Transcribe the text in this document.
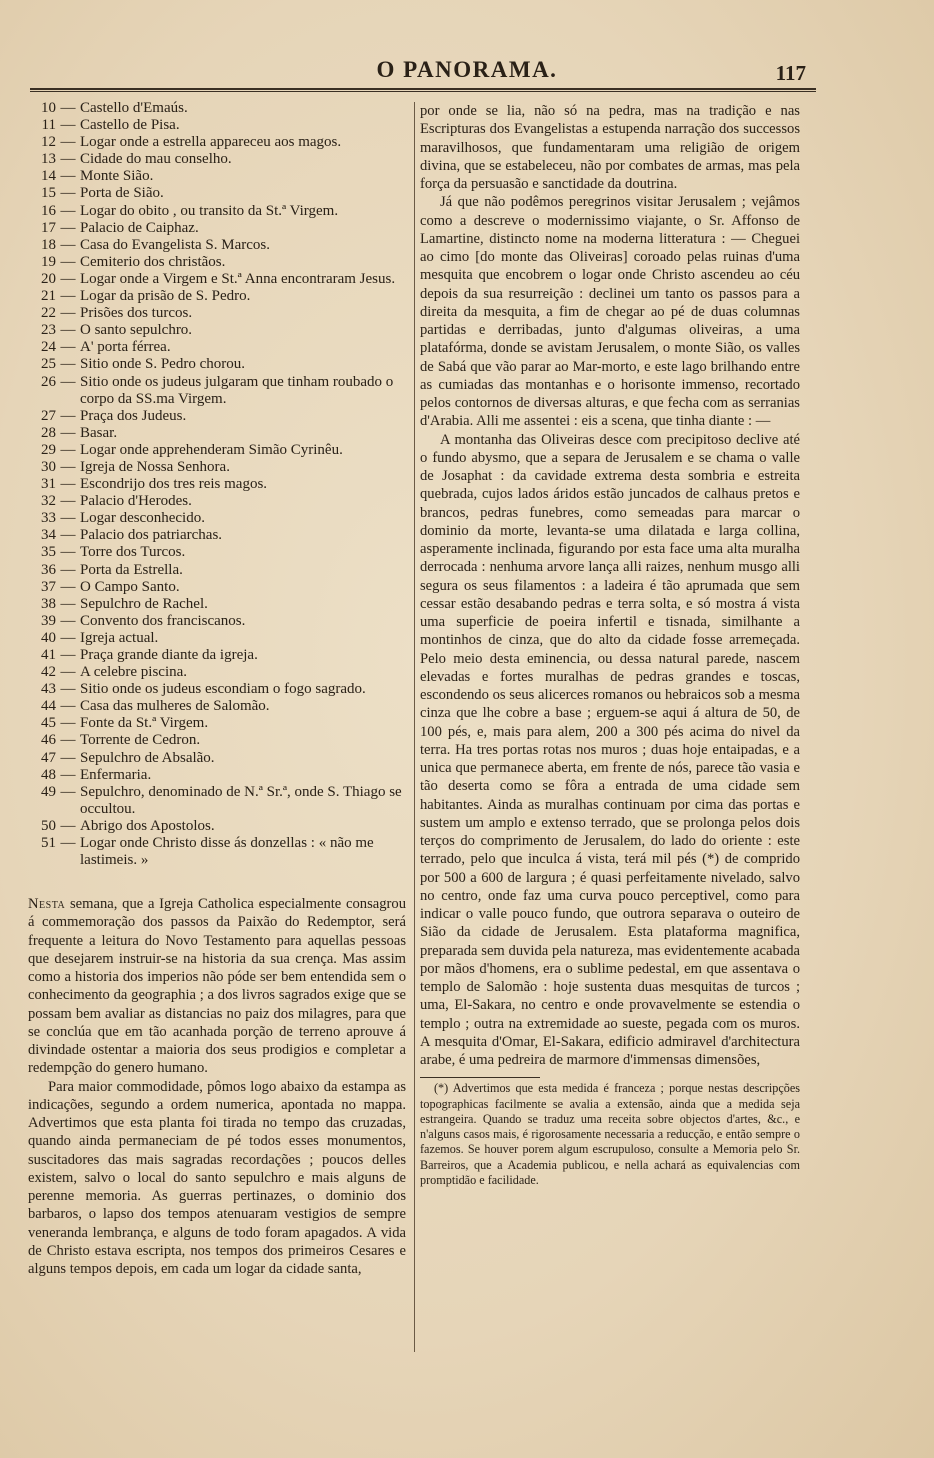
O PANORAMA.	117
10 — Castello d'Emaús.
11 — Castello de Pisa.
12 — Logar onde a estrella appareceu aos magos.
13 — Cidade do mau conselho.
14 — Monte Sião.
15 — Porta de Sião.
16 — Logar do obito , ou transito da St.ª Virgem.
17 — Palacio de Caiphaz.
18 — Casa do Evangelista S. Marcos.
19 — Cemiterio dos christãos.
20 — Logar onde a Virgem e St.ª Anna encontraram Jesus.
21 — Logar da prisão de S. Pedro.
22 — Prisões dos turcos.
23 — O santo sepulchro.
24 — A' porta férrea.
25 — Sitio onde S. Pedro chorou.
26 — Sitio onde os judeus julgaram que tinham roubado o corpo da SS.ma Virgem.
27 — Praça dos Judeus.
28 — Basar.
29 — Logar onde apprehenderam Simão Cyrinêu.
30 — Igreja de Nossa Senhora.
31 — Escondrijo dos tres reis magos.
32 — Palacio d'Herodes.
33 — Logar desconhecido.
34 — Palacio dos patriarchas.
35 — Torre dos Turcos.
36 — Porta da Estrella.
37 — O Campo Santo.
38 — Sepulchro de Rachel.
39 — Convento dos franciscanos.
40 — Igreja actual.
41 — Praça grande diante da igreja.
42 — A celebre piscina.
43 — Sitio onde os judeus escondiam o fogo sagrado.
44 — Casa das mulheres de Salomão.
45 — Fonte da St.ª Virgem.
46 — Torrente de Cedron.
47 — Sepulchro de Absalão.
48 — Enfermaria.
49 — Sepulchro, denominado de N.ª Sr.ª, onde S. Thiago se occultou.
50 — Abrigo dos Apostolos.
51 — Logar onde Christo disse ás donzellas : « não me lastimeis. »

Nesta semana, que a Igreja Catholica especialmente consagrou á commemoração dos passos da Paixão do Redemptor, será frequente a leitura do Novo Testamento para aquellas pessoas que desejarem instruir-se na historia da sua crença. Mas assim como a historia dos imperios não póde ser bem entendida sem o conhecimento da geographia ; a dos livros sagrados exige que se possam bem avaliar as distancias no paiz dos milagres, para que se conclúa que em tão acanhada porção de terreno aprouve á divindade ostentar a maioria dos seus prodigios e completar a redempção do genero humano.

Para maior commodidade, pômos logo abaixo da estampa as indicações, segundo a ordem numerica, apontada no mappa. Advertimos que esta planta foi tirada no tempo das cruzadas, quando ainda permaneciam de pé todos esses monumentos, suscitadores das mais sagradas recordações ; poucos delles existem, salvo o local do santo sepulchro e mais alguns de perenne memoria. As guerras pertinazes, o dominio dos barbaros, o lapso dos tempos atenuaram vestigios de sempre veneranda lembrança, e alguns de todo foram apagados. A vida de Christo estava escripta, nos tempos dos primeiros Cesares e alguns tempos depois, em cada um logar da cidade santa,

por onde se lia, não só na pedra, mas na tradição e nas Escripturas dos Evangelistas a estupenda narração dos successos maravilhosos, que fundamentaram uma religião de origem divina, que se estabeleceu, não por combates de armas, mas pela força da persuasão e sanctidade da doutrina.

Já que não podêmos peregrinos visitar Jerusalem ; vejâmos como a descreve o modernissimo viajante, o Sr. Affonso de Lamartine, distincto nome na moderna litteratura : — Cheguei ao cimo [do monte das Oliveiras] coroado pelas ruinas d'uma mesquita que encobrem o logar onde Christo ascendeu ao céu depois da sua resurreição : declinei um tanto os passos para a direita da mesquita, a fim de chegar ao pé de duas columnas partidas e derribadas, junto d'algumas oliveiras, a uma platafórma, donde se avistam Jerusalem, o monte Sião, os valles de Sabá que vão parar ao Mar-morto, e este lago brilhando entre as cumiadas das montanhas e o horisonte immenso, recortado pelos contornos de diversas alturas, e que fecha com as serranias d'Arabia. Alli me assentei : eis a scena, que tinha diante : —

A montanha das Oliveiras desce com precipitoso declive até o fundo abysmo, que a separa de Jerusalem e se chama o valle de Josaphat : da cavidade extrema desta sombria e estreita quebrada, cujos lados áridos estão juncados de calhaus pretos e brancos, pedras funebres, como semeadas para marcar o dominio da morte, levanta-se uma dilatada e larga collina, asperamente inclinada, figurando por esta face uma alta muralha derrocada : nenhuma arvore lança alli raizes, nenhum musgo alli segura os seus filamentos : a ladeira é tão aprumada que sem cessar estão desabando pedras e terra solta, e só mostra á vista uma superficie de poeira infertil e tisnada, similhante a montinhos de cinza, que do alto da cidade fosse arremeçada. Pelo meio desta eminencia, ou dessa natural parede, nascem elevadas e fortes muralhas de pedras grandes e toscas, escondendo os seus alicerces romanos ou hebraicos sob a mesma cinza que lhe cobre a base ; erguem-se aqui á altura de 50, de 100 pés, e, mais para alem, 200 a 300 pés acima do nivel da terra. Ha tres portas rotas nos muros ; duas hoje entaipadas, e a unica que permanece aberta, em frente de nós, parece tão vasia e tão deserta como se fôra a entrada de uma cidade sem habitantes. Ainda as muralhas continuam por cima das portas e sustem um amplo e extenso terrado, que se prolonga pelos dois terços do comprimento de Jerusalem, do lado do oriente : este terrado, pelo que inculca á vista, terá mil pés (*) de comprido por 500 a 600 de largura ; é quasi perfeitamente nivelado, salvo no centro, onde faz uma curva pouco perceptivel, como para indicar o valle pouco fundo, que outrora separava o outeiro de Sião da cidade de Jerusalem. Esta plataforma magnifica, preparada sem duvida pela natureza, mas evidentemente acabada por mãos d'homens, era o sublime pedestal, em que assentava o templo de Salomão : hoje sustenta duas mesquitas de turcos ; uma, El-Sakara, no centro e onde provavelmente se estendia o templo ; outra na extremidade ao sueste, pegada com os muros. A mesquita d'Omar, El-Sakara, edificio admiravel d'architectura arabe, é uma pedreira de marmore d'immensas dimensões,

(*) Advertimos que esta medida é franceza ; porque nestas descripções topographicas facilmente se avalia a extensão, ainda que a medida seja estrangeira. Quando se traduz uma receita sobre objectos d'artes, &c., e n'alguns casos mais, é rigorosamente necessaria a reducção, e então sempre o fazemos. Se houver porem algum escrupuloso, consulte a Memoria pelo Sr. Barreiros, que a Academia publicou, e nella achará as equivalencias com promptidão e facilidade.
